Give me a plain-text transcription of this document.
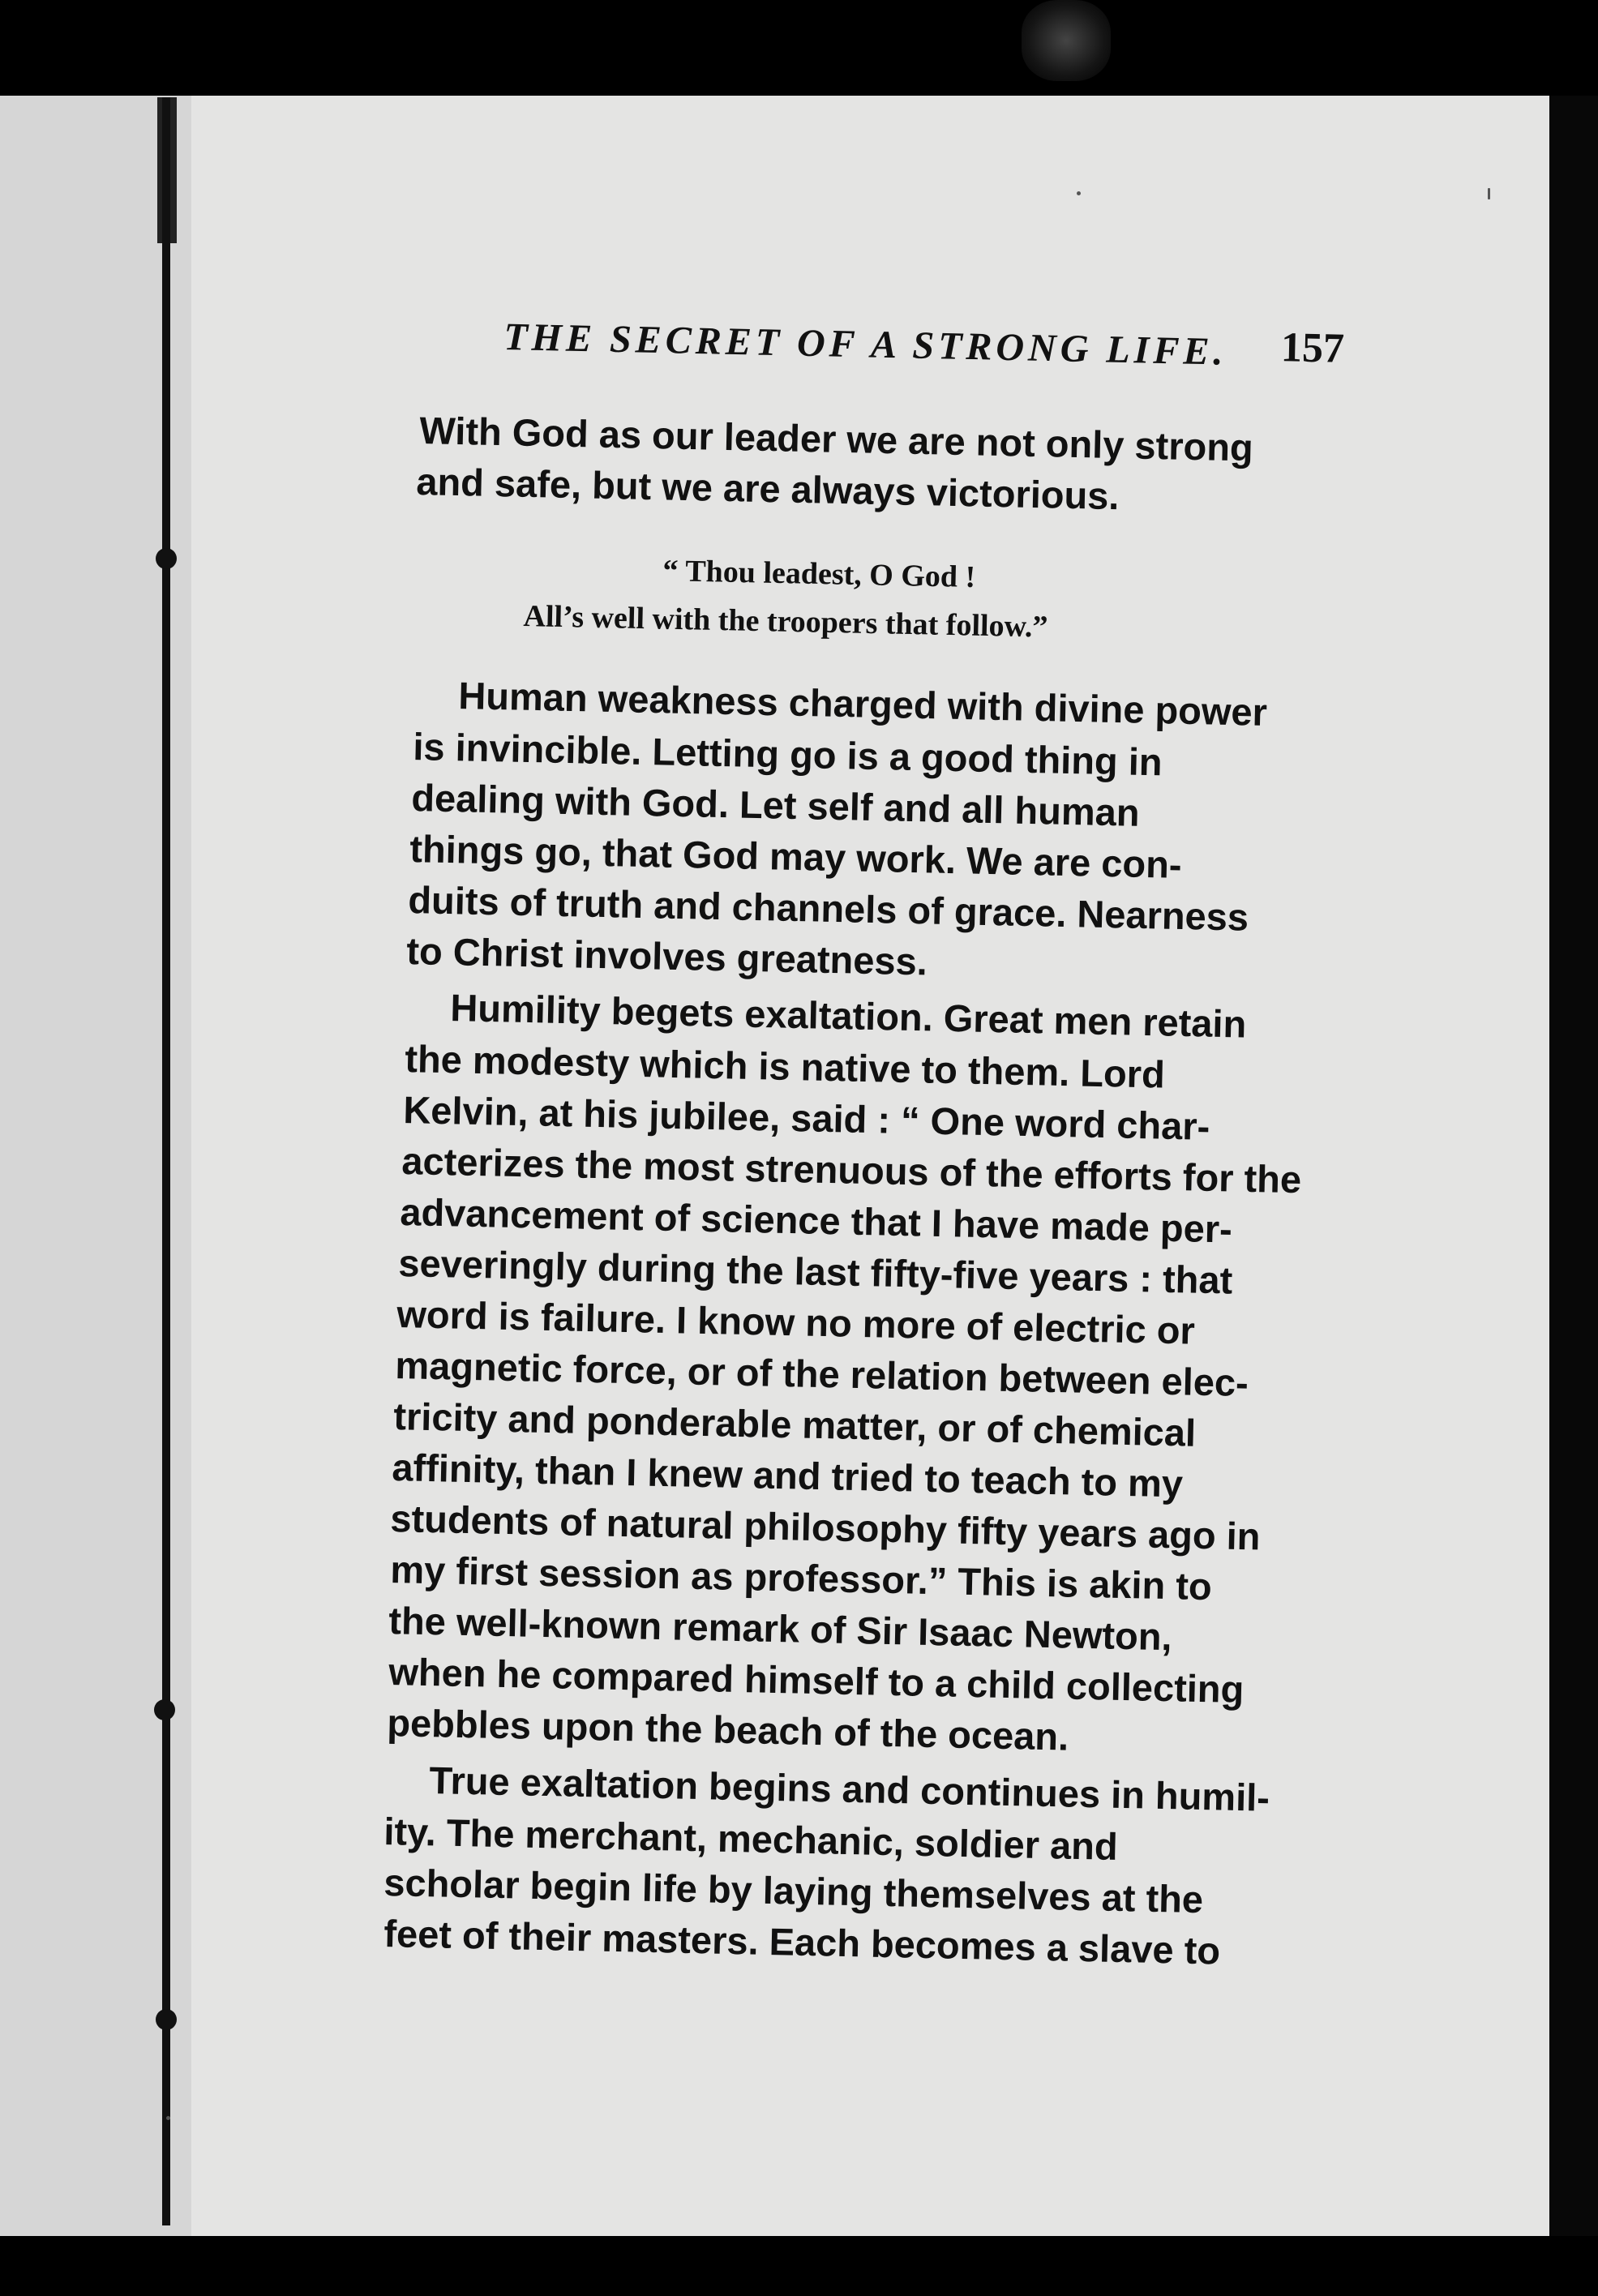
THE SECRET OF A STRONG LIFE. 157
With God as our leader we are not only strong
and safe, but we are always victorious.
“ Thou leadest, O God !
All’s well with the troopers that follow.”
Human weakness charged with divine power
is invincible. Letting go is a good thing in
dealing with God. Let self and all human
things go, that God may work. We are con-
duits of truth and channels of grace. Nearness
to Christ involves greatness.
Humility begets exaltation. Great men retain
the modesty which is native to them. Lord
Kelvin, at his jubilee, said : “ One word char-
acterizes the most strenuous of the efforts for the
advancement of science that I have made per-
severingly during the last fifty-five years : that
word is failure. I know no more of electric or
magnetic force, or of the relation between elec-
tricity and ponderable matter, or of chemical
affinity, than I knew and tried to teach to my
students of natural philosophy fifty years ago in
my first session as professor.” This is akin to
the well-known remark of Sir Isaac Newton,
when he compared himself to a child collecting
pebbles upon the beach of the ocean.
True exaltation begins and continues in humil-
ity. The merchant, mechanic, soldier and
scholar begin life by laying themselves at the
feet of their masters. Each becomes a slave to
